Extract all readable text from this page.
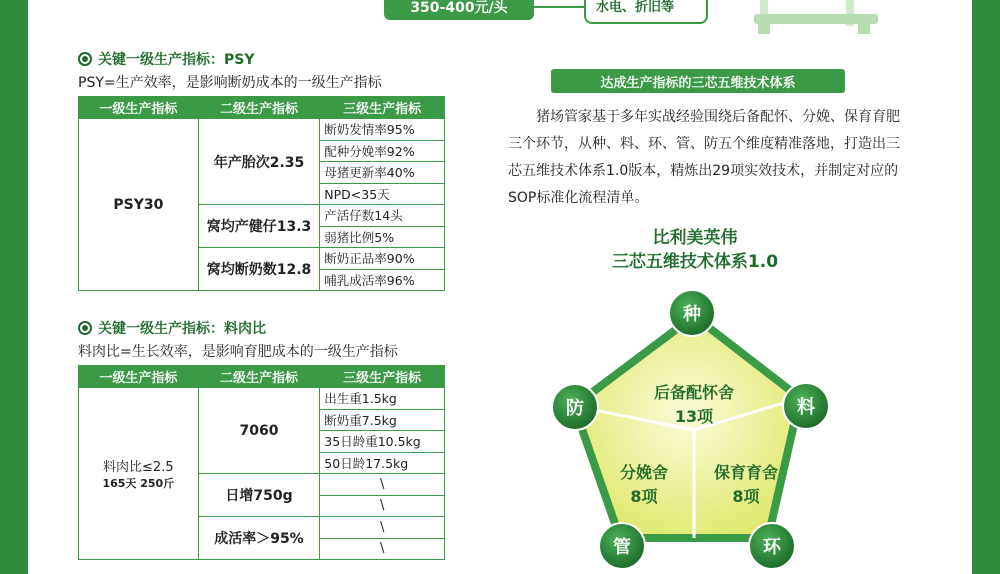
350-400元/头	水电、折旧等
关键一级生产指标：PSY
PSY=生产效率，是影响断奶成本的一级生产指标
一级生产指标	二级生产指标	三级生产指标
PSY30	年产胎次2.35	断奶发情率95%
		配种分娩率92%
		母猪更新率40%
		NPD<35天
	窝均产健仔13.3	产活仔数14头
		弱猪比例5%
	窝均断奶数12.8	断奶正品率90%
		哺乳成活率96%
关键一级生产指标：料肉比
料肉比=生长效率，是影响育肥成本的一级生产指标
一级生产指标	二级生产指标	三级生产指标

料肉比≤2.5
165天 250斤	7060	出生重1.5kg
		断奶重7.5kg
		35日龄重10.5kg
		50日龄17.5kg
	日增750g	\
		\
	成活率＞95%	\
		\
达成生产指标的三芯五维技术体系
猪场管家基于多年实战经验围绕后备配怀、分娩、保育育肥三个环节，从种、料、环、管、防五个维度精准落地，打造出三芯五维技术体系1.0版本，精炼出29项实效技术，并制定对应的SOP标准化流程清单。
比利美英伟
三芯五维技术体系1.0
后备配怀舍
13项
分娩舍
8项
保育育舍
8项
种
料
环
管
防
